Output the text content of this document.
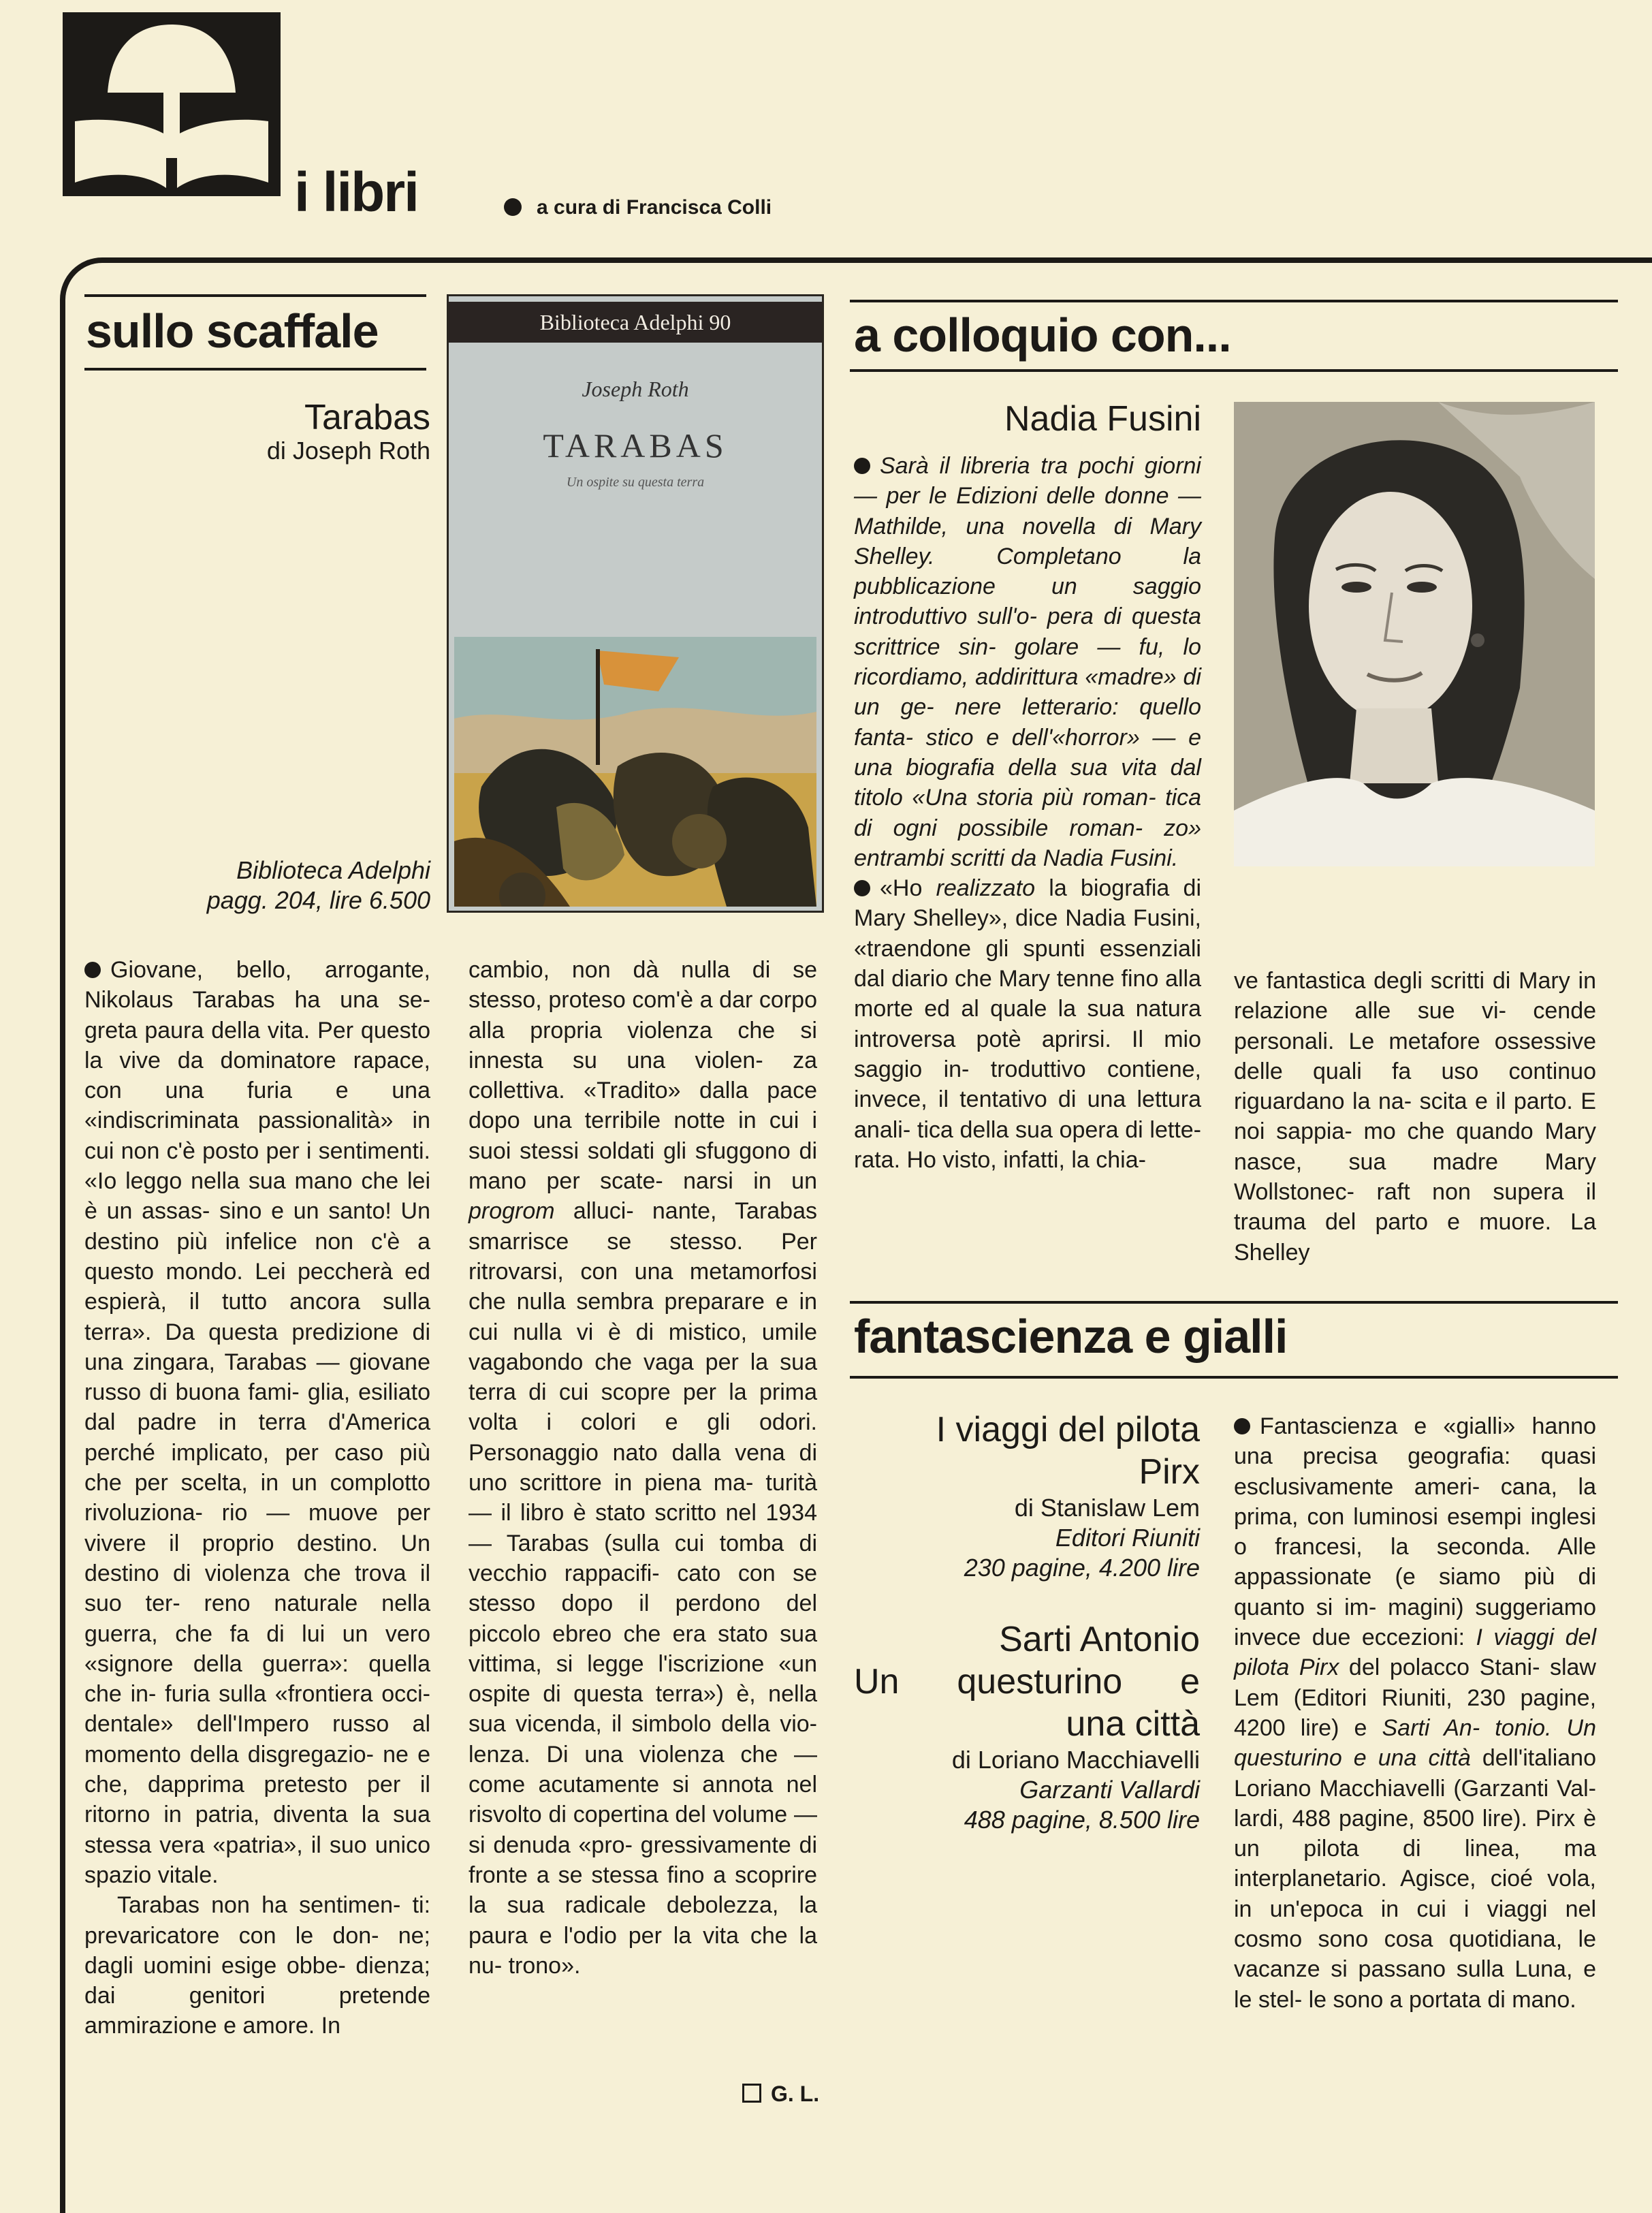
i libri	a cura di Francisca Colli
sullo scaffale
Tarabas
di Joseph Roth
Biblioteca Adelphi
pagg. 204, lire 6.500
Biblioteca Adelphi 90
Joseph Roth
TARABAS
Un ospite su questa terra

Giovane, bello, arrogante, Nikolaus Tarabas ha una se- greta paura della vita. Per questo la vive da dominatore rapace, con una furia e una «indiscriminata passionalità» in cui non c'è posto per i sentimenti. «Io leggo nella sua mano che lei è un assas- sino e un santo! Un destino più infelice non c'è a questo mondo. Lei peccherà ed espierà, il tutto ancora sulla terra». Da questa predizione di una zingara, Tarabas — giovane russo di buona fami- glia, esiliato dal padre in terra d'America perché implicato, per caso più che per scelta, in un complotto rivoluziona- rio — muove per vivere il proprio destino. Un destino di violenza che trova il suo ter- reno naturale nella guerra, che fa di lui un vero «signore della guerra»: quella che in- furia sulla «frontiera occi- dentale» dell'Impero russo al momento della disgregazio- ne e che, dapprima pretesto per il ritorno in patria, diventa la sua stessa vera «patria», il suo unico spazio vitale.

Tarabas non ha sentimen- ti: prevaricatore con le don- ne; dagli uomini esige obbe- dienza; dai genitori pretende ammirazione e amore. In

cambio, non dà nulla di se stesso, proteso com'è a dar corpo alla propria violenza che si innesta su una violen- za collettiva. «Tradito» dalla pace dopo una terribile notte in cui i suoi stessi soldati gli sfuggono di mano per scate- narsi in un progrom alluci- nante, Tarabas smarrisce se stesso. Per ritrovarsi, con una metamorfosi che nulla sembra preparare e in cui nulla vi è di mistico, umile vagabondo che vaga per la sua terra di cui scopre per la prima volta i colori e gli odori. Personaggio nato dalla vena di uno scrittore in piena ma- turità — il libro è stato scritto nel 1934 — Tarabas (sulla cui tomba di vecchio rappacifi- cato con se stesso dopo il perdono del piccolo ebreo che era stato sua vittima, si legge l'iscrizione «un ospite di questa terra») è, nella sua vicenda, il simbolo della vio- lenza. Di una violenza che — come acutamente si annota nel risvolto di copertina del volume — si denuda «pro- gressivamente di fronte a se stessa fino a scoprire la sua radicale debolezza, la paura e l'odio per la vita che la nu- trono».

G. L.
a colloquio con...
Nadia Fusini

Sarà il libreria tra pochi giorni — per le Edizioni delle donne — Mathilde, una novella di Mary Shelley.	Completano la pubblicazione un saggio introduttivo sull'o- pera di questa scrittrice sin- golare — fu, lo ricordiamo, addirittura «madre» di un ge- nere letterario: quello fanta- stico e dell'«horror» — e una biografia della sua vita dal titolo «Una storia più roman- tica di ogni possibile roman- zo» entrambi scritti da Nadia Fusini.

«Ho realizzato la biografia di Mary Shelley», dice Nadia Fusini, «traendone gli spunti essenziali dal diario che Mary tenne fino alla morte ed al quale la sua natura introversa potè aprirsi. Il mio saggio in- troduttivo contiene, invece, il tentativo di una lettura anali- tica della sua opera di lette- rata. Ho visto, infatti, la chia-

ve fantastica degli scritti di Mary in relazione alle sue vi- cende personali. Le metafore ossessive delle quali fa uso continuo riguardano la na- scita e il parto. E noi sappia- mo che quando Mary nasce, sua madre Mary Wollstonec- raft non supera il trauma del parto e muore. La Shelley

fantascienza e gialli
I viaggi del pilota
Pirx
di Stanislaw Lem
Editori Riuniti
230 pagine, 4.200 lire
Sarti Antonio
Un questurino e
una città
di Loriano Macchiavelli
Garzanti Vallardi
488 pagine, 8.500 lire

Fantascienza e «gialli» hanno una precisa geografia: quasi esclusivamente ameri- cana, la prima, con luminosi esempi inglesi o francesi, la seconda. Alle appassionate (e siamo più di quanto si im- magini) suggeriamo invece due eccezioni: I viaggi del pilota Pirx del polacco Stani- slaw Lem (Editori Riuniti, 230 pagine, 4200 lire) e Sarti An- tonio. Un questurino e una città dell'italiano Loriano Macchiavelli (Garzanti Val- lardi, 488 pagine, 8500 lire). Pirx è un pilota di linea, ma interplanetario. Agisce, cioé vola, in un'epoca in cui i viaggi nel cosmo sono cosa quotidiana, le vacanze si passano sulla Luna, e le stel- le sono a portata di mano.
